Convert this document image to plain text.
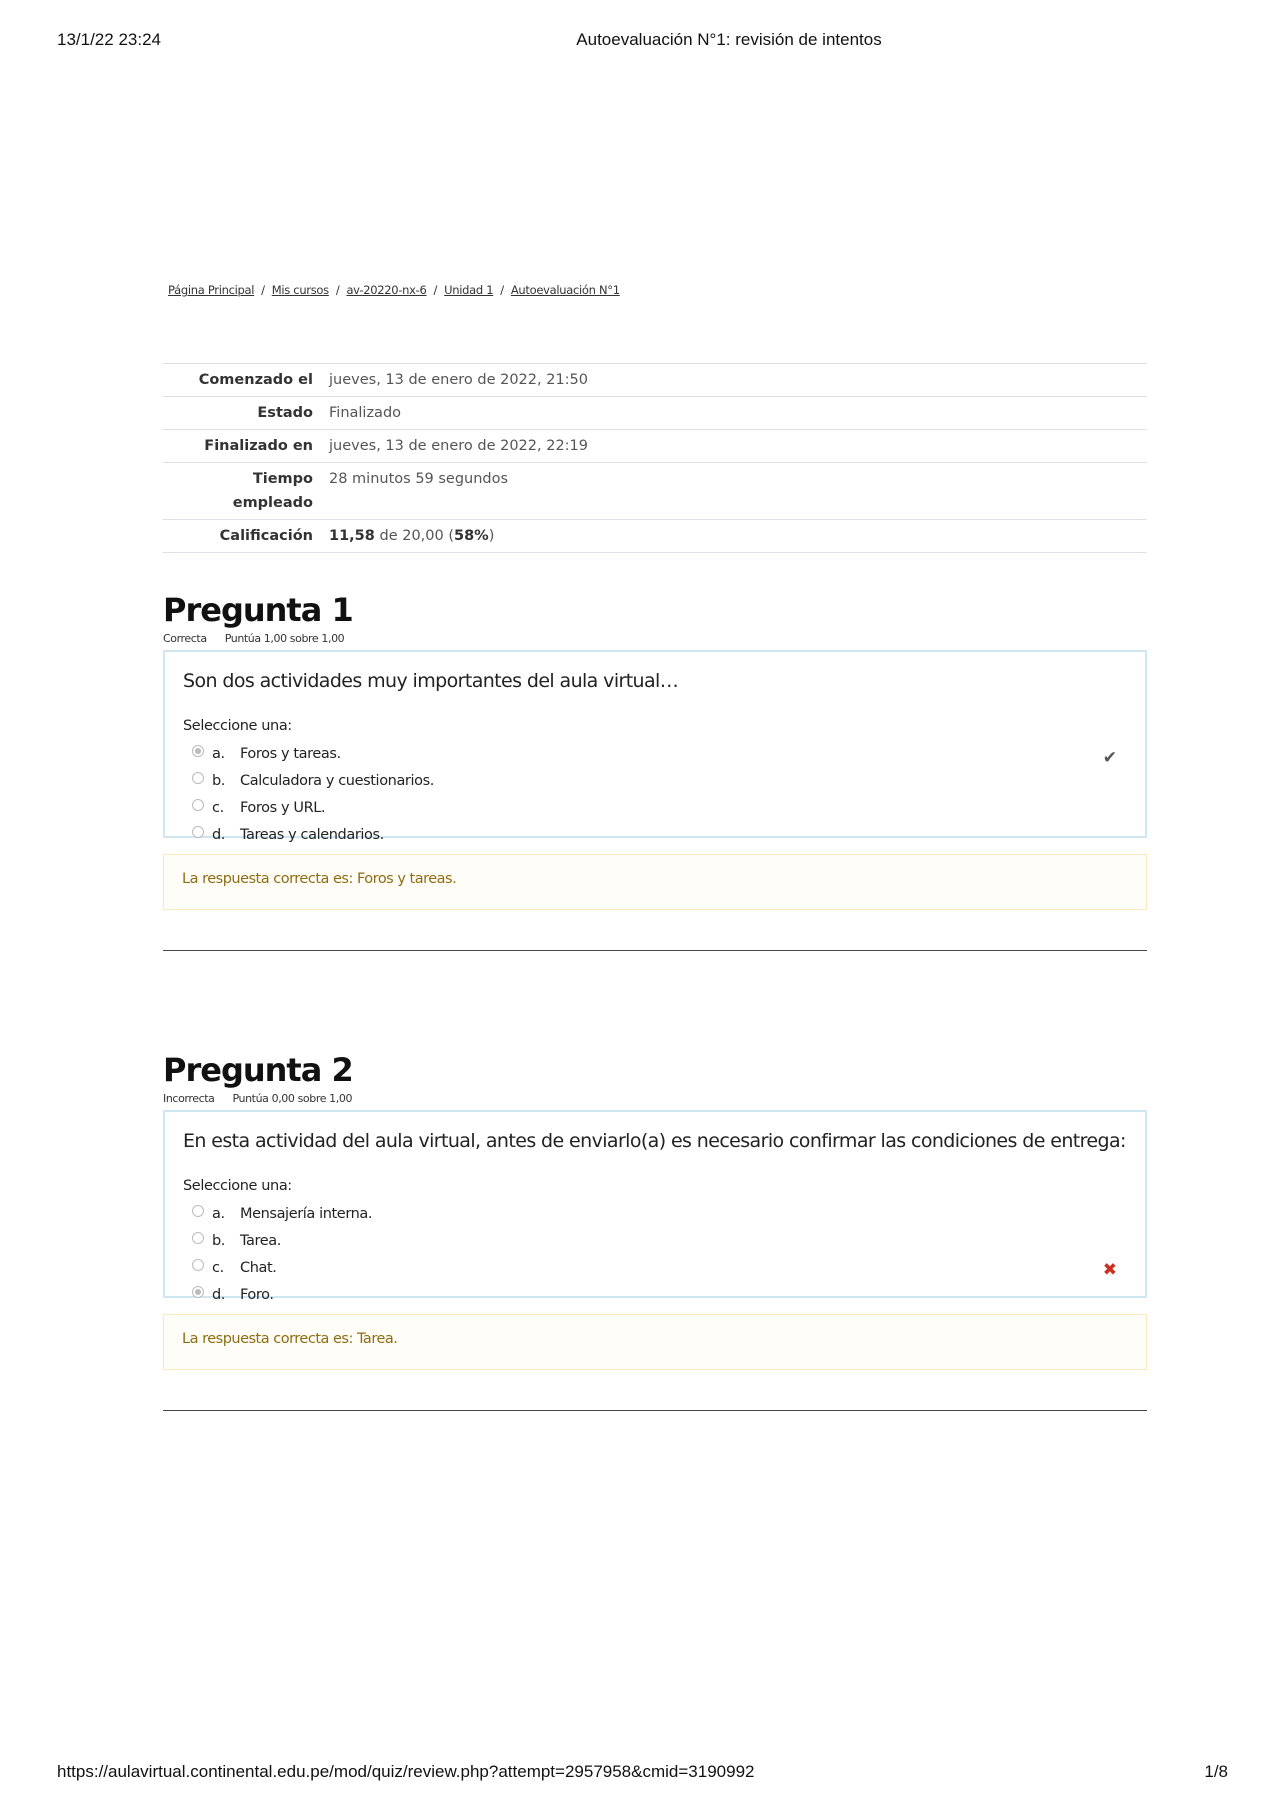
13/1/22 23:24	Autoevaluación N°1: revisión de intentos
Página Principal / Mis cursos / av-20220-nx-6 / Unidad 1 / Autoevaluación N°1
Comenzado el	jueves, 13 de enero de 2022, 21:50
Estado	Finalizado
Finalizado en	jueves, 13 de enero de 2022, 22:19
Tiempo
empleado	28 minutos 59 segundos
Calificación	11,58 de 20,00 (58%)
Pregunta 1
Correcta Puntúa 1,00 sobre 1,00
Son dos actividades muy importantes del aula virtual…
Seleccione una:
a.	Foros y tareas.
b.	Calculadora y cuestionarios.
c.	Foros y URL.
d.	Tareas y calendarios.
✔
La respuesta correcta es: Foros y tareas.
Pregunta 2
Incorrecta Puntúa 0,00 sobre 1,00
En esta actividad del aula virtual, antes de enviarlo(a) es necesario confirmar las condiciones de entrega:
Seleccione una:
a.	Mensajería interna.
b.	Tarea.
c.	Chat.
d.	Foro.
✖
La respuesta correcta es: Tarea.
https://aulavirtual.continental.edu.pe/mod/quiz/review.php?attempt=2957958&cmid=3190992	1/8
